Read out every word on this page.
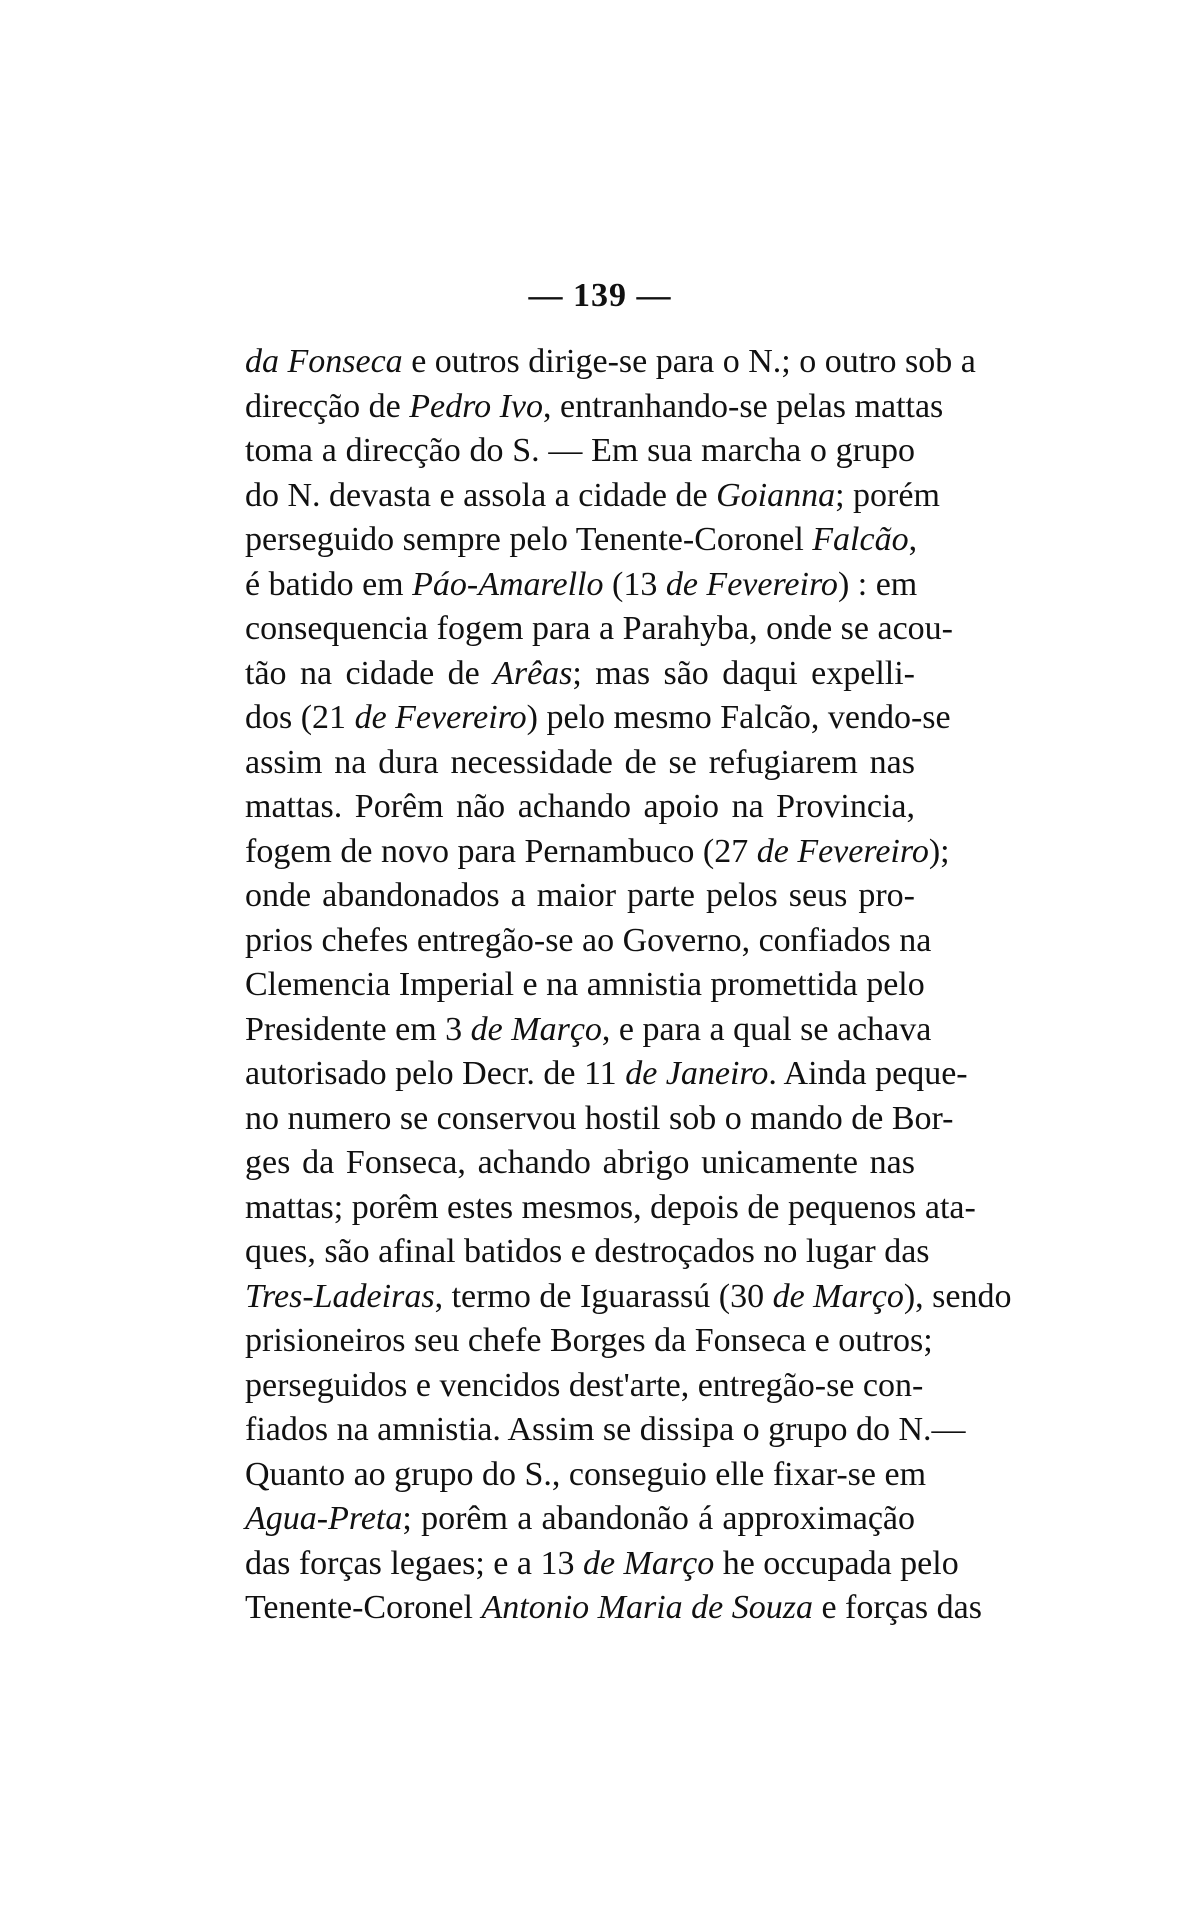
— 139 —
da Fonseca e outros dirige-se para o N.; o outro sob a
direcção de Pedro Ivo, entranhando-se pelas mattas
toma a direcção do S. — Em sua marcha o grupo
do N. devasta e assola a cidade de Goianna; porém
perseguido sempre pelo Tenente-Coronel Falcão,
é batido em Páo-Amarello (13 de Fevereiro) : em
consequencia fogem para a Parahyba, onde se acou-
tão na cidade de Arêas; mas são daqui expelli-
dos (21 de Fevereiro) pelo mesmo Falcão, vendo-se
assim na dura necessidade de se refugiarem nas
mattas. Porêm não achando apoio na Provincia,
fogem de novo para Pernambuco (27 de Fevereiro);
onde abandonados a maior parte pelos seus pro-
prios chefes entregão-se ao Governo, confiados na
Clemencia Imperial e na amnistia promettida pelo
Presidente em 3 de Março, e para a qual se achava
autorisado pelo Decr. de 11 de Janeiro. Ainda peque-
no numero se conservou hostil sob o mando de Bor-
ges da Fonseca, achando abrigo unicamente nas
mattas; porêm estes mesmos, depois de pequenos ata-
ques, são afinal batidos e destroçados no lugar das
Tres-Ladeiras, termo de Iguarassú (30 de Março), sendo
prisioneiros seu chefe Borges da Fonseca e outros;
perseguidos e vencidos dest'arte, entregão-se con-
fiados na amnistia. Assim se dissipa o grupo do N.—
Quanto ao grupo do S., conseguio elle fixar-se em
Agua-Preta; porêm a abandonão á approximação
das forças legaes; e a 13 de Março he occupada pelo
Tenente-Coronel Antonio Maria de Souza e forças das
